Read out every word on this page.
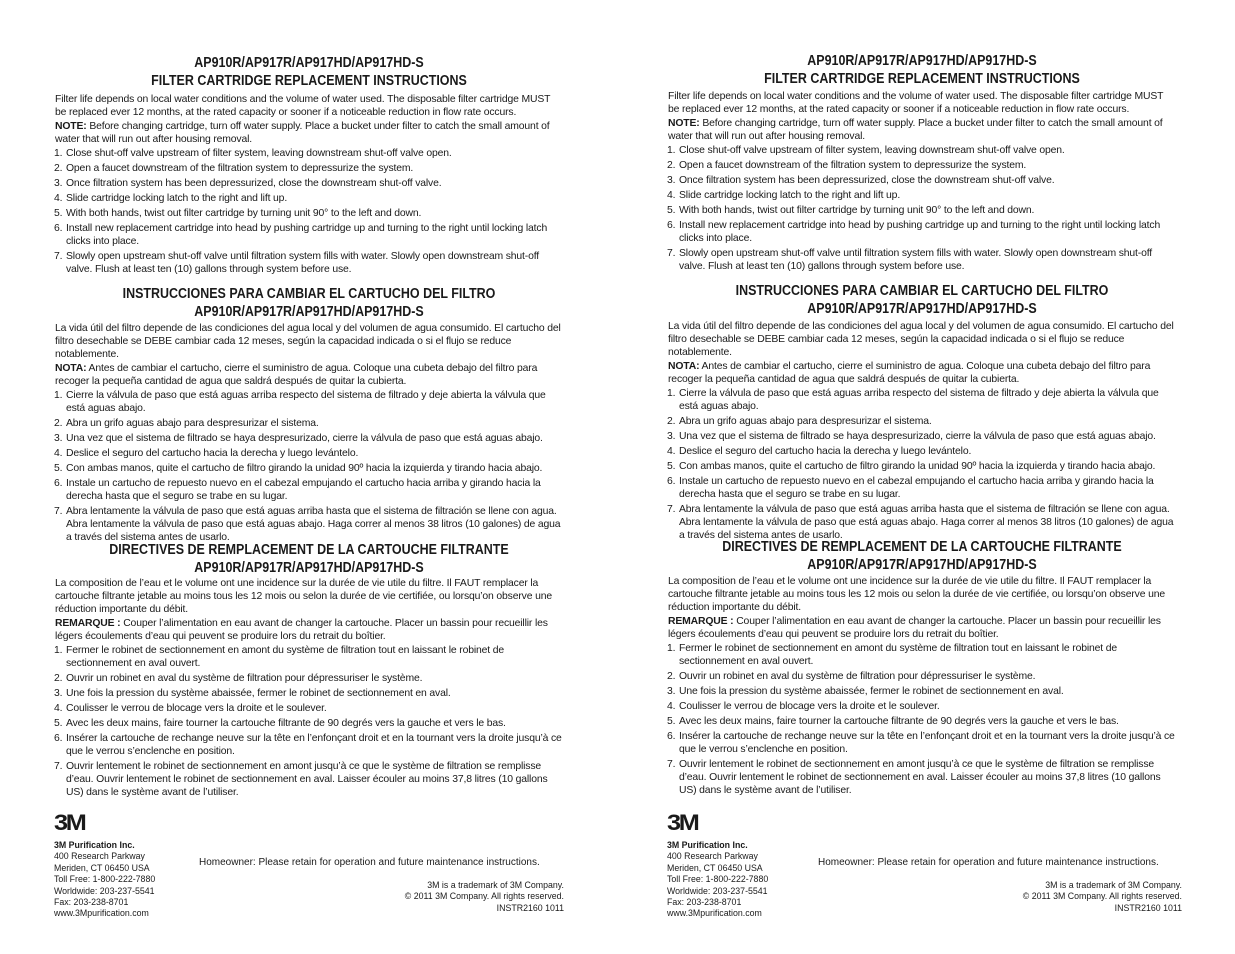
AP910R/AP917R/AP917HD/AP917HD-S
FILTER CARTRIDGE REPLACEMENT INSTRUCTIONS

Filter life depends on local water conditions and the volume of water used. The disposable filter cartridge MUST be replaced ever 12 months, at the rated capacity or sooner if a noticeable reduction in flow rate occurs.

NOTE: Before changing cartridge, turn off water supply. Place a bucket under filter to catch the small amount of water that will run out after housing removal.

1. Close shut-off valve upstream of filter system, leaving downstream shut-off valve open.
2. Open a faucet downstream of the filtration system to depressurize the system.
3. Once filtration system has been depressurized, close the downstream shut-off valve.
4. Slide cartridge locking latch to the right and lift up.
5. With both hands, twist out filter cartridge by turning unit 90° to the left and down.
6. Install new replacement cartridge into head by pushing cartridge up and turning to the right until locking latch clicks into place.
7. Slowly open upstream shut-off valve until filtration system fills with water. Slowly open downstream shut-off valve. Flush at least ten (10) gallons through system before use.
INSTRUCCIONES PARA CAMBIAR EL CARTUCHO DEL FILTRO
AP910R/AP917R/AP917HD/AP917HD-S

La vida útil del filtro depende de las condiciones del agua local y del volumen de agua consumido. El cartucho del filtro desechable se DEBE cambiar cada 12 meses, según la capacidad indicada o si el flujo se reduce notablemente.

NOTA: Antes de cambiar el cartucho, cierre el suministro de agua. Coloque una cubeta debajo del filtro para recoger la pequeña cantidad de agua que saldrá después de quitar la cubierta.

1. Cierre la válvula de paso que está aguas arriba respecto del sistema de filtrado y deje abierta la válvula que está aguas abajo.
2. Abra un grifo aguas abajo para despresurizar el sistema.
3. Una vez que el sistema de filtrado se haya despresurizado, cierre la válvula de paso que está aguas abajo.
4. Deslice el seguro del cartucho hacia la derecha y luego levántelo.
5. Con ambas manos, quite el cartucho de filtro girando la unidad 90º hacia la izquierda y tirando hacia abajo.
6. Instale un cartucho de repuesto nuevo en el cabezal empujando el cartucho hacia arriba y girando hacia la derecha hasta que el seguro se trabe en su lugar.
7. Abra lentamente la válvula de paso que está aguas arriba hasta que el sistema de filtración se llene con agua. Abra lentamente la válvula de paso que está aguas abajo. Haga correr al menos 38 litros (10 galones) de agua a través del sistema antes de usarlo.
DIRECTIVES DE REMPLACEMENT DE LA CARTOUCHE FILTRANTE
AP910R/AP917R/AP917HD/AP917HD-S

La composition de l’eau et le volume ont une incidence sur la durée de vie utile du filtre. Il FAUT remplacer la cartouche filtrante jetable au moins tous les 12 mois ou selon la durée de vie certifiée, ou lorsqu’on observe une réduction importante du débit.

REMARQUE : Couper l’alimentation en eau avant de changer la cartouche. Placer un bassin pour recueillir les légers écoulements d’eau qui peuvent se produire lors du retrait du boîtier.

1. Fermer le robinet de sectionnement en amont du système de filtration tout en laissant le robinet de sectionnement en aval ouvert.
2. Ouvrir un robinet en aval du système de filtration pour dépressuriser le système.
3. Une fois la pression du système abaissée, fermer le robinet de sectionnement en aval.
4. Coulisser le verrou de blocage vers la droite et le soulever.
5. Avec les deux mains, faire tourner la cartouche filtrante de 90 degrés vers la gauche et vers le bas.
6. Insérer la cartouche de rechange neuve sur la tête en l’enfonçant droit et en la tournant vers la droite jusqu’à ce que le verrou s’enclenche en position.
7. Ouvrir lentement le robinet de sectionnement en amont jusqu’à ce que le système de filtration se remplisse d’eau. Ouvrir lentement le robinet de sectionnement en aval. Laisser écouler au moins 37,8 litres (10 gallons US) dans le système avant de l’utiliser.
3M
3M Purification Inc.
400 Research Parkway
Meriden, CT 06450 USA
Toll Free: 1-800-222-7880
Worldwide: 203-237-5541
Fax: 203-238-8701
www.3Mpurification.com
Homeowner: Please retain for operation and future maintenance instructions.
3M is a trademark of 3M Company.
© 2011 3M Company. All rights reserved.
INSTR2160 1011
AP910R/AP917R/AP917HD/AP917HD-S
FILTER CARTRIDGE REPLACEMENT INSTRUCTIONS

Filter life depends on local water conditions and the volume of water used. The disposable filter cartridge MUST be replaced ever 12 months, at the rated capacity or sooner if a noticeable reduction in flow rate occurs.

NOTE: Before changing cartridge, turn off water supply. Place a bucket under filter to catch the small amount of water that will run out after housing removal.

1. Close shut-off valve upstream of filter system, leaving downstream shut-off valve open.
2. Open a faucet downstream of the filtration system to depressurize the system.
3. Once filtration system has been depressurized, close the downstream shut-off valve.
4. Slide cartridge locking latch to the right and lift up.
5. With both hands, twist out filter cartridge by turning unit 90° to the left and down.
6. Install new replacement cartridge into head by pushing cartridge up and turning to the right until locking latch clicks into place.
7. Slowly open upstream shut-off valve until filtration system fills with water. Slowly open downstream shut-off valve. Flush at least ten (10) gallons through system before use.
INSTRUCCIONES PARA CAMBIAR EL CARTUCHO DEL FILTRO
AP910R/AP917R/AP917HD/AP917HD-S

La vida útil del filtro depende de las condiciones del agua local y del volumen de agua consumido. El cartucho del filtro desechable se DEBE cambiar cada 12 meses, según la capacidad indicada o si el flujo se reduce notablemente.

NOTA: Antes de cambiar el cartucho, cierre el suministro de agua. Coloque una cubeta debajo del filtro para recoger la pequeña cantidad de agua que saldrá después de quitar la cubierta.

1. Cierre la válvula de paso que está aguas arriba respecto del sistema de filtrado y deje abierta la válvula que está aguas abajo.
2. Abra un grifo aguas abajo para despresurizar el sistema.
3. Una vez que el sistema de filtrado se haya despresurizado, cierre la válvula de paso que está aguas abajo.
4. Deslice el seguro del cartucho hacia la derecha y luego levántelo.
5. Con ambas manos, quite el cartucho de filtro girando la unidad 90º hacia la izquierda y tirando hacia abajo.
6. Instale un cartucho de repuesto nuevo en el cabezal empujando el cartucho hacia arriba y girando hacia la derecha hasta que el seguro se trabe en su lugar.
7. Abra lentamente la válvula de paso que está aguas arriba hasta que el sistema de filtración se llene con agua. Abra lentamente la válvula de paso que está aguas abajo. Haga correr al menos 38 litros (10 galones) de agua a través del sistema antes de usarlo.
DIRECTIVES DE REMPLACEMENT DE LA CARTOUCHE FILTRANTE
AP910R/AP917R/AP917HD/AP917HD-S

La composition de l’eau et le volume ont une incidence sur la durée de vie utile du filtre. Il FAUT remplacer la cartouche filtrante jetable au moins tous les 12 mois ou selon la durée de vie certifiée, ou lorsqu’on observe une réduction importante du débit.

REMARQUE : Couper l’alimentation en eau avant de changer la cartouche. Placer un bassin pour recueillir les légers écoulements d’eau qui peuvent se produire lors du retrait du boîtier.

1. Fermer le robinet de sectionnement en amont du système de filtration tout en laissant le robinet de sectionnement en aval ouvert.
2. Ouvrir un robinet en aval du système de filtration pour dépressuriser le système.
3. Une fois la pression du système abaissée, fermer le robinet de sectionnement en aval.
4. Coulisser le verrou de blocage vers la droite et le soulever.
5. Avec les deux mains, faire tourner la cartouche filtrante de 90 degrés vers la gauche et vers le bas.
6. Insérer la cartouche de rechange neuve sur la tête en l’enfonçant droit et en la tournant vers la droite jusqu’à ce que le verrou s’enclenche en position.
7. Ouvrir lentement le robinet de sectionnement en amont jusqu’à ce que le système de filtration se remplisse d’eau. Ouvrir lentement le robinet de sectionnement en aval. Laisser écouler au moins 37,8 litres (10 gallons US) dans le système avant de l’utiliser.
3M
3M Purification Inc.
400 Research Parkway
Meriden, CT 06450 USA
Toll Free: 1-800-222-7880
Worldwide: 203-237-5541
Fax: 203-238-8701
www.3Mpurification.com
Homeowner: Please retain for operation and future maintenance instructions.
3M is a trademark of 3M Company.
© 2011 3M Company. All rights reserved.
INSTR2160 1011
